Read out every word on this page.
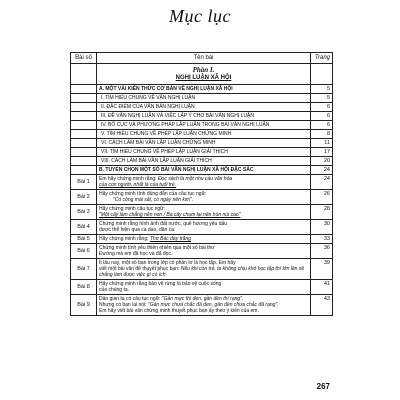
Mục lục
Bài số	Tên bài	Trang

	Phần I.
NGHỊ LUẬN XÃ HỘI	

	A. MỘT VÀI KIẾN THỨC CƠ BẢN VỀ NGHỊ LUẬN XÃ HỘI	5
	I. TÌM HIỂU CHUNG VỀ VĂN NGHỊ LUẬN	5
	II. ĐẶC ĐIỂM CỦA VĂN BẢN NGHỊ LUẬN	6
	III. ĐỀ VĂN NGHỊ LUẬN VÀ VIỆC LẬP Ý CHO BÀI VĂN NGHỊ LUẬN	6
	IV. BỐ CỤC VÀ PHƯƠNG PHÁP LẬP LUẬN TRONG BÀI VĂN NGHỊ LUẬN	6
	V. TÌM HIỂU CHUNG VỀ PHÉP LẬP LUẬN CHỨNG MINH	8
	VI. CÁCH LÀM BÀI VĂN LẬP LUẬN CHỨNG MINH	11
	VII. TÌM HIỂU CHUNG VỀ PHÉP LẬP LUẬN GIẢI THÍCH	17
	VIII. CÁCH LÀM BÀI VĂN LẬP LUẬN GIẢI THÍCH	20
	B. TUYỂN CHỌN MỘT SỐ BÀI VĂN NGHỊ LUẬN XÃ HỘI ĐẶC SẮC	24
Bài 1	Em hãy chứng minh rằng: Đọc sách là một nhu cầu văn hóa
của con người, nhất là của tuổi trẻ.	24
Bài 2	Hãy chứng minh tính đúng đắn của câu tục ngữ:
"Có công mài sắt, có ngày nên kim".	26
Bài 3	Hãy chứng minh câu tục ngữ:
"Một cây làm chẳng nên non / Ba cây chụm lại nên hòn núi cao"	28
Bài 4	Chứng minh rằng hình ảnh đất nước, quê hương yêu dấu
được thể hiện qua ca dao, dân ca.	30
Bài 5	Hãy chứng minh rằng: Thơ Bác đầy trăng	33
Bài 6	Chứng minh tính yêu thiên nhiên qua một số bài thơ
Đường mà em đã học và đã đọc.	36
Bài 7	Ít lâu nay, một số bạn trong lớp có phần lơ là học tập. Em hãy
viết một bài văn để thuyết phục bạn: Nếu khi còn trẻ, ta không chịu khó học tập thì lớn lên sẽ chẳng làm được việc gì có ích	39
Bài 8	Hãy chứng minh rằng bảo vệ rừng là bảo vệ cuộc sống
của chúng ta.	41
Bài 9	Dân gian ta có câu tục ngữ: "Gần mực thì đen, gần đèn thì rạng".
Nhưng có bạn lại nói: "Gần mực chưa chắc đã đen, gần đèn chưa chắc đã rạng".
Em hãy viết bài văn chứng minh thuyết phục bạn ấy theo ý kiến của em.	43
267
